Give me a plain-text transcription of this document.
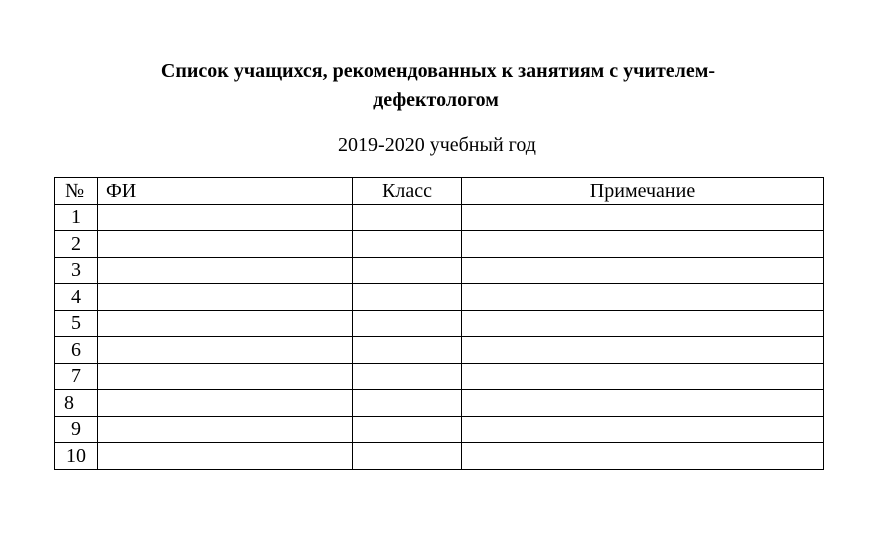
Список учащихся, рекомендованных к занятиям с учителем-
дефектологом
2019-2020 учебный год
№	ФИ	Класс	Примечание
1			
2			
3			
4			
5			
6			
7			
8			
9			
10			
